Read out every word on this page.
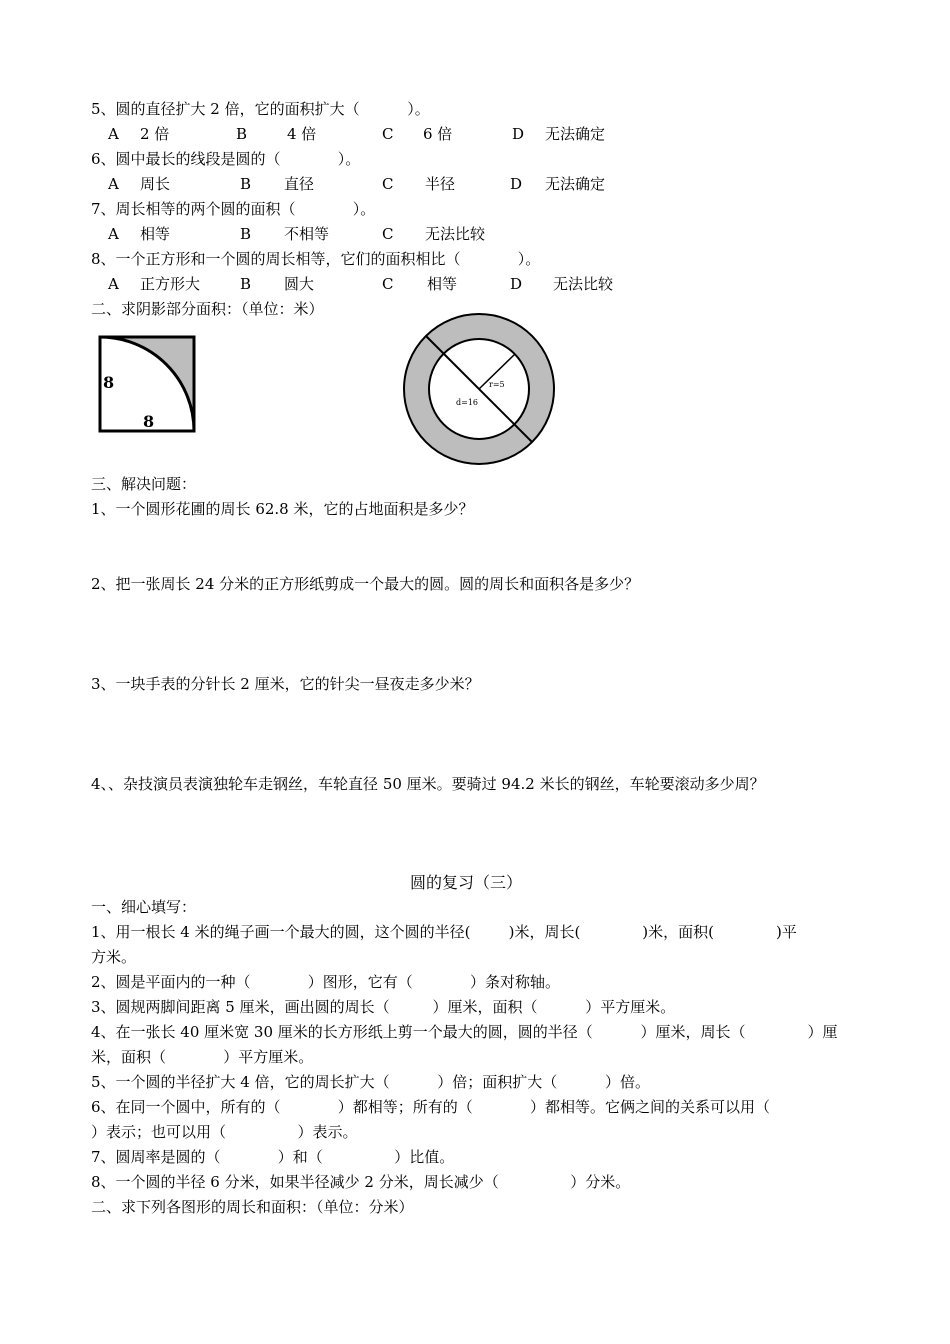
5、圆的直径扩大 2 倍，它的面积扩大（          ）。
A 2 倍	B	4 倍	C 6 倍	D 无法确定
6、圆中最长的线段是圆的（            ）。
A 周长	B 直径	C 半径	D 无法确定
7、周长相等的两个圆的面积（            ）。
A 相等	B 不相等	C 无法比较
8、一个正方形和一个圆的周长相等，它们的面积相比（            ）。
A 正方形大	B 圆大	C 相等	D 无法比较
二、求阴影部分面积：（单位：米）
8
8
r=5
d=16
三、解决问题：
1、一个圆形花圃的周长 62.8 米，它的占地面积是多少？
2、把一张周长 24 分米的正方形纸剪成一个最大的圆。圆的周长和面积各是多少？
3、一块手表的分针长 2 厘米，它的针尖一昼夜走多少米？
4、、杂技演员表演独轮车走钢丝，车轮直径 50 厘米。要骑过 94.2 米长的钢丝，车轮要滚动多少周？
圆的复习（三）
一、细心填写：
1、用一根长 4 米的绳子画一个最大的圆，这个圆的半径(        )米，周长(             )米，面积(             )平
方米。
2、圆是平面内的一种（            ）图形，它有（            ）条对称轴。
3、圆规两脚间距离 5 厘米，画出圆的周长（         ）厘米，面积（          ）平方厘米。
4、在一张长 40 厘米宽 30 厘米的长方形纸上剪一个最大的圆，圆的半径（          ）厘米，周长（             ）厘
米，面积（            ）平方厘米。
5、一个圆的半径扩大 4 倍，它的周长扩大（          ）倍；面积扩大（          ）倍。
6、在同一个圆中，所有的（            ）都相等；所有的（            ）都相等。它俩之间的关系可以用（
）表示；也可以用（               ）表示。
7、圆周率是圆的（            ）和（               ）比值。
8、一个圆的半径 6 分米，如果半径减少 2 分米，周长减少（               ）分米。
二、求下列各图形的周长和面积：（单位：分米）
